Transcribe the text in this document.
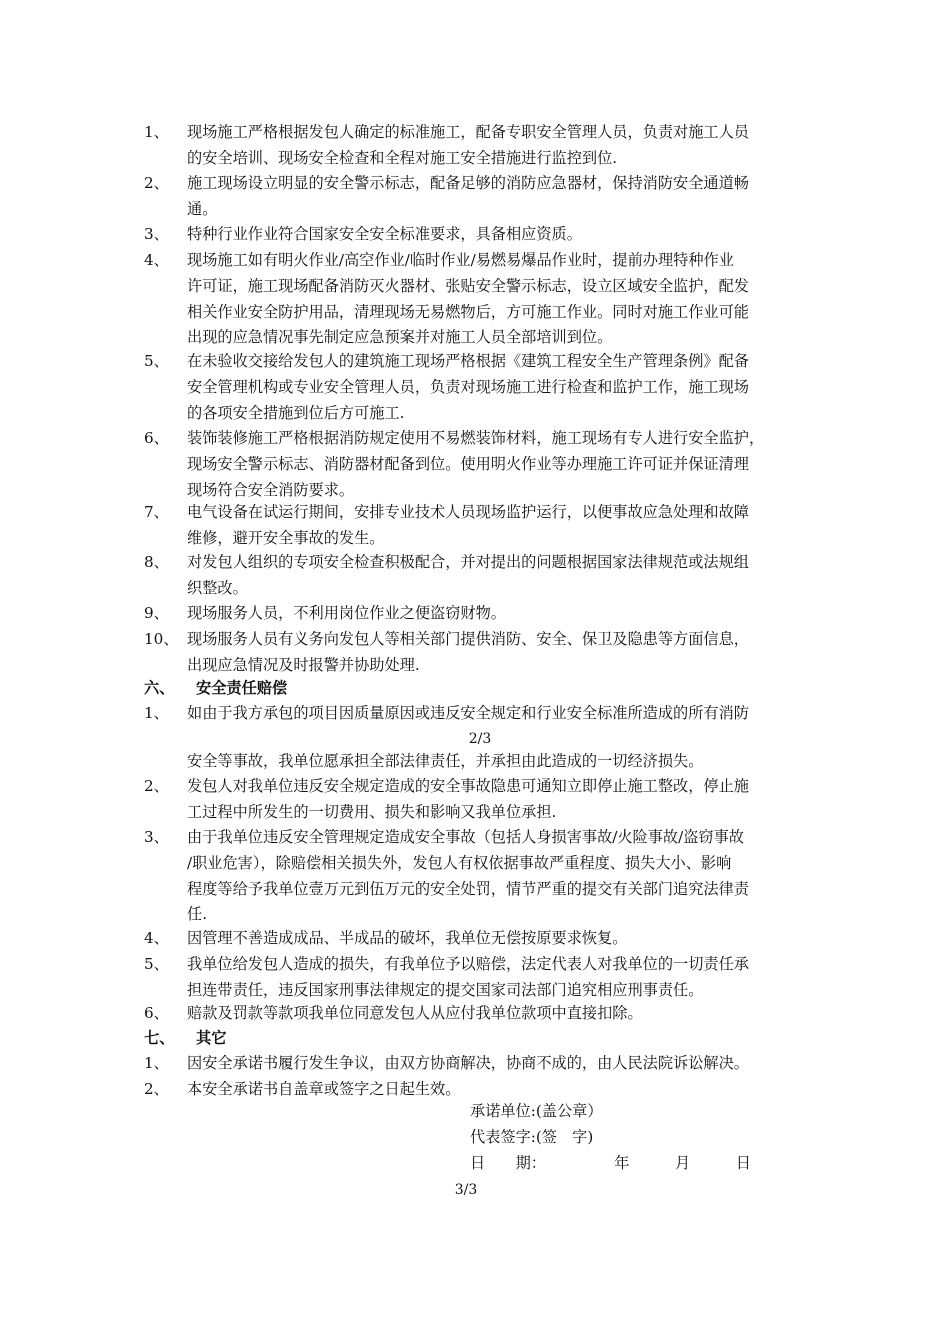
1、 现场施工严格根据发包人确定的标准施工，配备专职安全管理人员，负责对施工人员
的安全培训、现场安全检查和全程对施工安全措施进行监控到位.
2、 施工现场设立明显的安全警示标志，配备足够的消防应急器材，保持消防安全通道畅
通。
3、 特种行业作业符合国家安全安全标准要求，具备相应资质。
4、 现场施工如有明火作业/高空作业/临时作业/易燃易爆品作业时，提前办理特种作业
许可证，施工现场配备消防灭火器材、张贴安全警示标志，设立区域安全监护，配发
相关作业安全防护用品，清理现场无易燃物后，方可施工作业。同时对施工作业可能
出现的应急情况事先制定应急预案并对施工人员全部培训到位。
5、 在未验收交接给发包人的建筑施工现场严格根据《建筑工程安全生产管理条例》配备
安全管理机构或专业安全管理人员，负责对现场施工进行检查和监护工作，施工现场
的各项安全措施到位后方可施工.
6、 装饰装修施工严格根据消防规定使用不易燃装饰材料，施工现场有专人进行安全监护，
现场安全警示标志、消防器材配备到位。使用明火作业等办理施工许可证并保证清理
现场符合安全消防要求。
7、 电气设备在试运行期间，安排专业技术人员现场监护运行，以便事故应急处理和故障
维修，避开安全事故的发生。
8、 对发包人组织的专项安全检查积极配合，并对提出的问题根据国家法律规范或法规组
织整改。
9、 现场服务人员，不利用岗位作业之便盗窃财物。
10、 现场服务人员有义务向发包人等相关部门提供消防、安全、保卫及隐患等方面信息，
出现应急情况及时报警并协助处理.
六、 安全责任赔偿
1、 如由于我方承包的项目因质量原因或违反安全规定和行业安全标准所造成的所有消防
2/3
安全等事故，我单位愿承担全部法律责任，并承担由此造成的一切经济损失。
2、 发包人对我单位违反安全规定造成的安全事故隐患可通知立即停止施工整改，停止施
工过程中所发生的一切费用、损失和影响又我单位承担.
3、 由于我单位违反安全管理规定造成安全事故（包括人身损害事故/火险事故/盗窃事故
/职业危害），除赔偿相关损失外，发包人有权依据事故严重程度、损失大小、影响
程度等给予我单位壹万元到伍万元的安全处罚，情节严重的提交有关部门追究法律责
任.
4、 因管理不善造成成品、半成品的破坏，我单位无偿按原要求恢复。
5、 我单位给发包人造成的损失，有我单位予以赔偿，法定代表人对我单位的一切责任承
担连带责任，违反国家刑事法律规定的提交国家司法部门追究相应刑事责任。
6、 赔款及罚款等款项我单位同意发包人从应付我单位款项中直接扣除。
七、 其它
1、 因安全承诺书履行发生争议，由双方协商解决，协商不成的，由人民法院诉讼解决。
2、 本安全承诺书自盖章或签字之日起生效。
承诺单位:(盖公章）
代表签字:(签　字)
日　　期：　　　　　年　　　月　　　日
3/3
